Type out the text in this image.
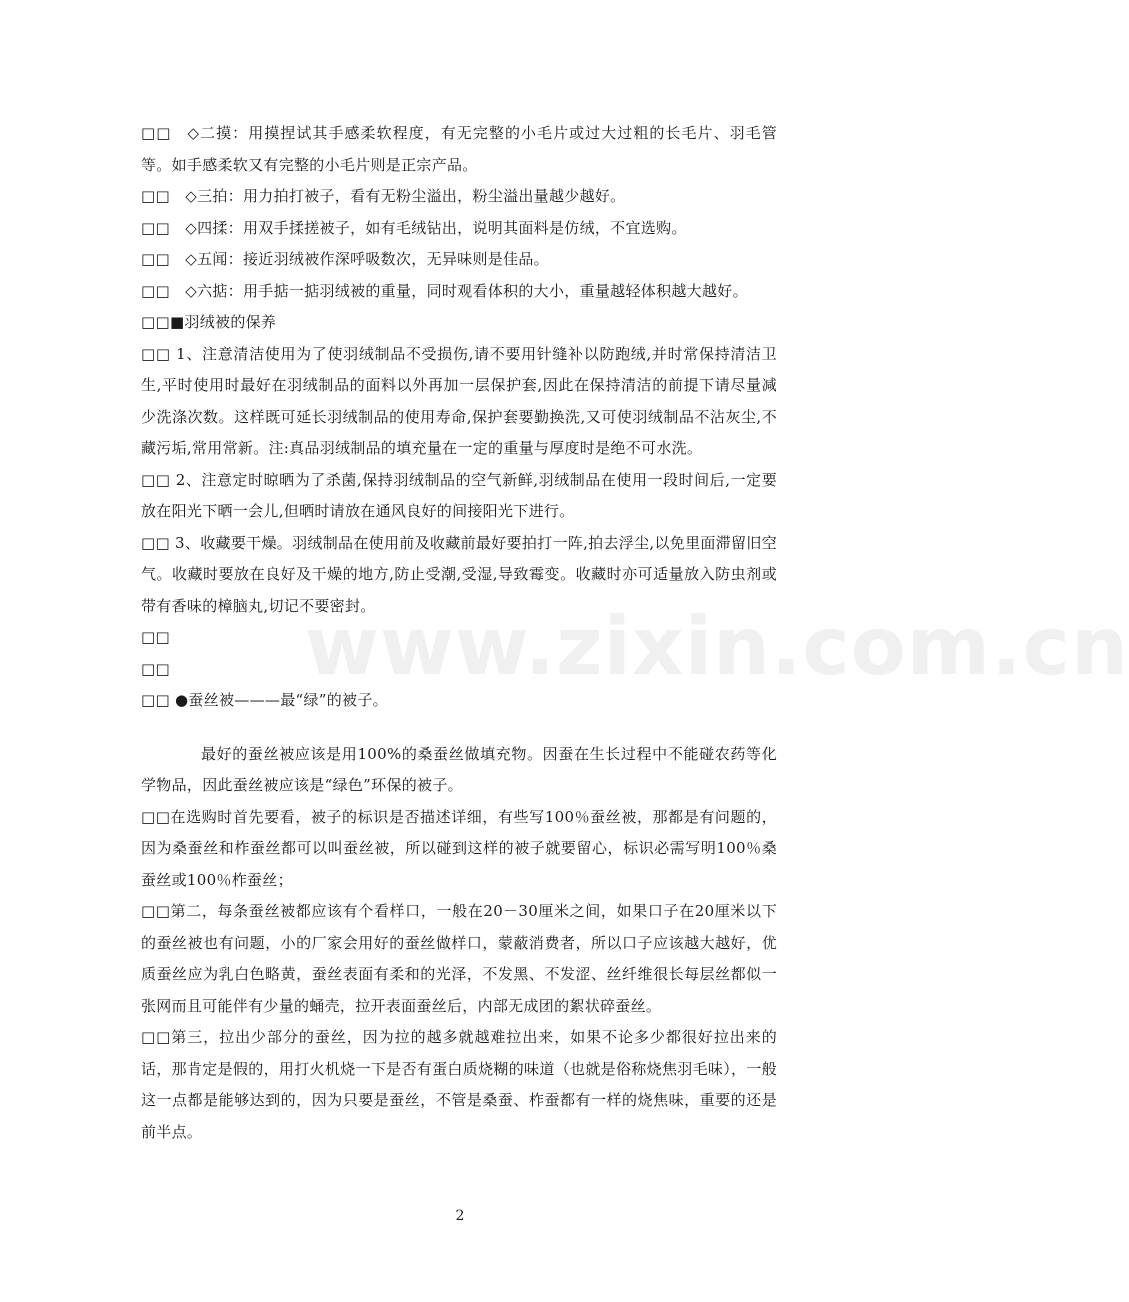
□□　◇二摸：用摸捏试其手感柔软程度，有无完整的小毛片或过大过粗的长毛片、羽毛管等。如手感柔软又有完整的小毛片则是正宗产品。

□□　◇三拍：用力拍打被子，看有无粉尘溢出，粉尘溢出量越少越好。

□□　◇四揉：用双手揉搓被子，如有毛绒钻出，说明其面料是仿绒，不宜选购。

□□　◇五闻：接近羽绒被作深呼吸数次，无异味则是佳品。

□□　◇六掂：用手掂一掂羽绒被的重量，同时观看体积的大小，重量越轻体积越大越好。

□□■羽绒被的保养

□□ 1、注意清洁使用为了使羽绒制品不受损伤,请不要用针缝补以防跑绒,并时常保持清洁卫生,平时使用时最好在羽绒制品的面料以外再加一层保护套,因此在保持清洁的前提下请尽量减少洗涤次数。这样既可延长羽绒制品的使用寿命,保护套要勤换洗,又可使羽绒制品不沾灰尘,不藏污垢,常用常新。注:真品羽绒制品的填充量在一定的重量与厚度时是绝不可水洗。

□□ 2、注意定时晾晒为了杀菌,保持羽绒制品的空气新鲜,羽绒制品在使用一段时间后,一定要放在阳光下晒一会儿,但晒时请放在通风良好的间接阳光下进行。

□□ 3、收藏要干燥。羽绒制品在使用前及收藏前最好要拍打一阵,拍去浮尘,以免里面滞留旧空气。收藏时要放在良好及干燥的地方,防止受潮,受湿,导致霉变。收藏时亦可适量放入防虫剂或带有香味的樟脑丸,切记不要密封。

□□

□□

□□ ●蚕丝被———最“绿”的被子。

最好的蚕丝被应该是用100%的桑蚕丝做填充物。因蚕在生长过程中不能碰农药等化学物品，因此蚕丝被应该是“绿色”环保的被子。

□□在选购时首先要看，被子的标识是否描述详细，有些写100％蚕丝被，那都是有问题的，因为桑蚕丝和柞蚕丝都可以叫蚕丝被，所以碰到这样的被子就要留心，标识必需写明100％桑蚕丝或100％柞蚕丝；

□□第二，每条蚕丝被都应该有个看样口，一般在20－30厘米之间，如果口子在20厘米以下的蚕丝被也有问题，小的厂家会用好的蚕丝做样口，蒙蔽消费者，所以口子应该越大越好，优质蚕丝应为乳白色略黄，蚕丝表面有柔和的光泽，不发黑、不发涩、丝纤维很长每层丝都似一张网而且可能伴有少量的蛹壳，拉开表面蚕丝后，内部无成团的絮状碎蚕丝。

□□第三，拉出少部分的蚕丝，因为拉的越多就越难拉出来，如果不论多少都很好拉出来的话，那肯定是假的，用打火机烧一下是否有蛋白质烧糊的味道（也就是俗称烧焦羽毛味），一般这一点都是能够达到的，因为只要是蚕丝，不管是桑蚕、柞蚕都有一样的烧焦味，重要的还是前半点。

www.zixin.com.cn
2
